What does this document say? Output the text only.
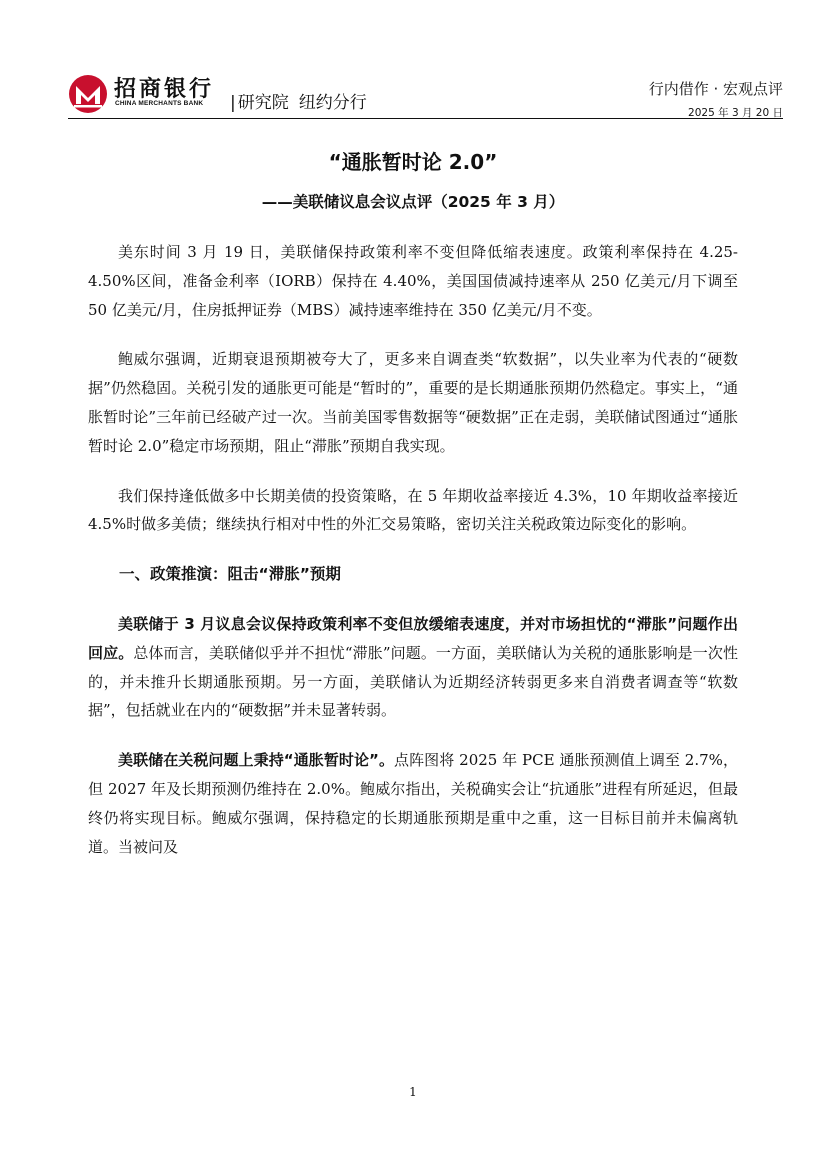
招商银行
CHINA MERCHANTS BANK | 研究院 纽约分行
行内借作 · 宏观点评
2025 年 3 月 20 日
“通胀暂时论 2.0”
——美联储议息会议点评（2025 年 3 月）

美东时间 3 月 19 日，美联储保持政策利率不变但降低缩表速度。政策利率保持在 4.25-4.50%区间，准备金利率（IORB）保持在 4.40%，美国国债减持速率从 250 亿美元/月下调至 50 亿美元/月，住房抵押证券（MBS）减持速率维持在 350 亿美元/月不变。

鲍威尔强调，近期衰退预期被夸大了，更多来自调查类“软数据”，以失业率为代表的“硬数据”仍然稳固。关税引发的通胀更可能是“暂时的”，重要的是长期通胀预期仍然稳定。事实上，“通胀暂时论”三年前已经破产过一次。当前美国零售数据等“硬数据”正在走弱，美联储试图通过“通胀暂时论 2.0”稳定市场预期，阻止“滞胀”预期自我实现。

我们保持逢低做多中长期美债的投资策略，在 5 年期收益率接近 4.3%，10 年期收益率接近 4.5%时做多美债；继续执行相对中性的外汇交易策略，密切关注关税政策边际变化的影响。

一、政策推演：阻击“滞胀”预期

美联储于 3 月议息会议保持政策利率不变但放缓缩表速度，并对市场担忧的“滞胀”问题作出回应。总体而言，美联储似乎并不担忧“滞胀”问题。一方面，美联储认为关税的通胀影响是一次性的，并未推升长期通胀预期。另一方面，美联储认为近期经济转弱更多来自消费者调查等“软数据”，包括就业在内的“硬数据”并未显著转弱。

美联储在关税问题上秉持“通胀暂时论”。点阵图将 2025 年 PCE 通胀预测值上调至 2.7%，但 2027 年及长期预测仍维持在 2.0%。鲍威尔指出，关税确实会让“抗通胀”进程有所延迟，但最终仍将实现目标。鲍威尔强调，保持稳定的长期通胀预期是重中之重，这一目标目前并未偏离轨道。当被问及

1
